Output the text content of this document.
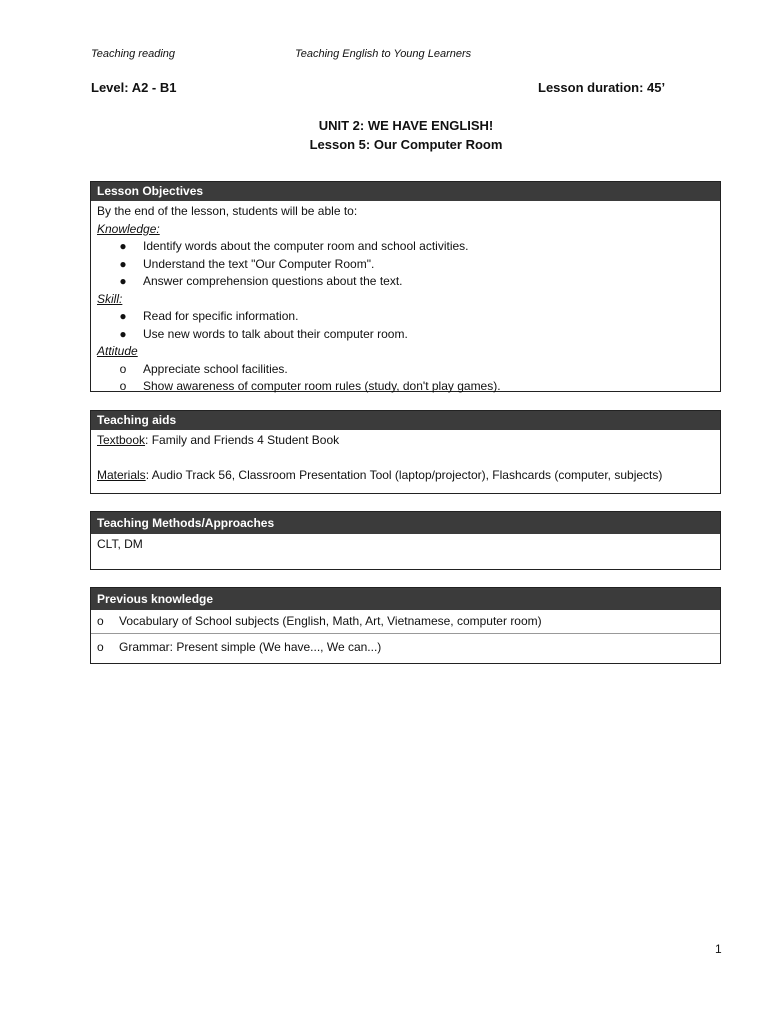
Teaching reading	Teaching English to Young Learners
Level: A2 - B1	Lesson duration: 45’
UNIT 2: WE HAVE ENGLISH!
Lesson 5: Our Computer Room
Lesson Objectives
By the end of the lesson, students will be able to:
Knowledge:
● Identify words about the computer room and school activities.
● Understand the text "Our Computer Room".
● Answer comprehension questions about the text.
Skill:
● Read for specific information.
● Use new words to talk about their computer room.
Attitude
o Appreciate school facilities.
o Show awareness of computer room rules (study, don't play games).
Teaching aids
Textbook: Family and Friends 4 Student Book
Materials: Audio Track 56, Classroom Presentation Tool (laptop/projector), Flashcards (computer, subjects)
Teaching Methods/Approaches
CLT, DM
Previous knowledge
o Vocabulary of School subjects (English, Math, Art, Vietnamese, computer room)
o Grammar: Present simple (We have..., We can...)
1
